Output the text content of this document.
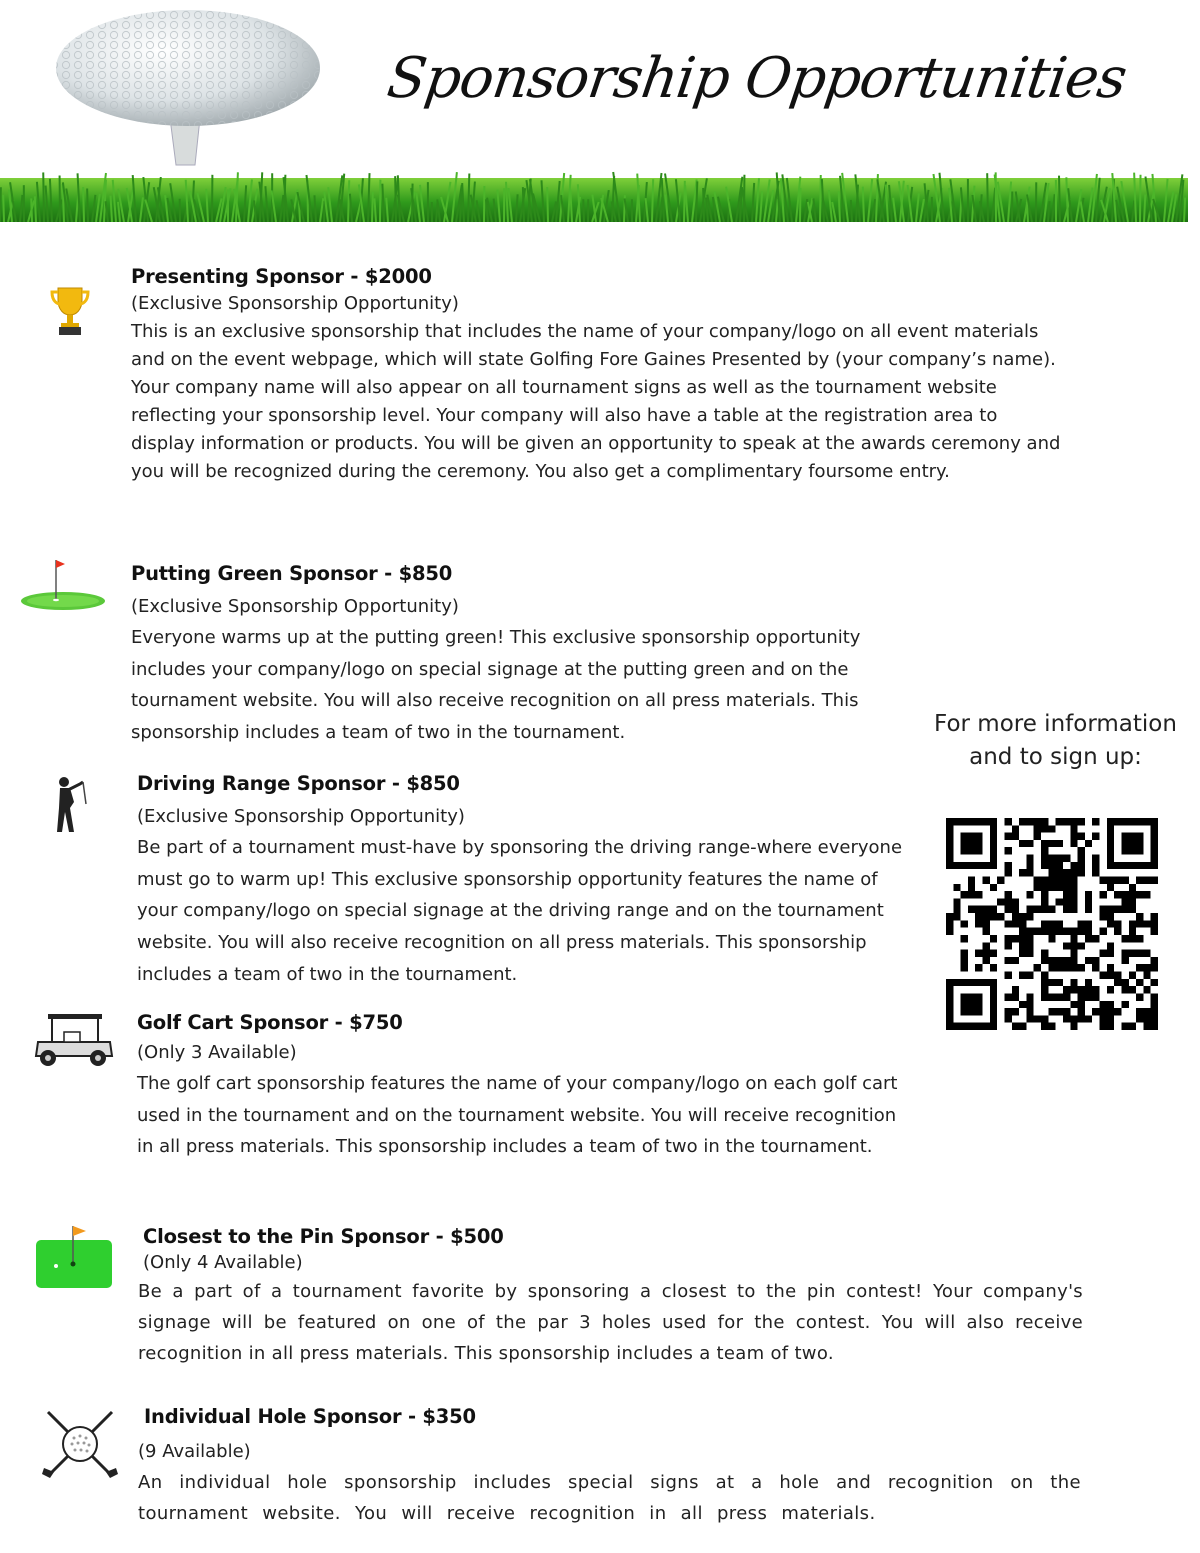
Sponsorship Opportunities
Presenting Sponsor - $2000
(Exclusive Sponsorship Opportunity)

This is an exclusive sponsorship that includes the name of your company/logo on all event materials and on the event webpage, which will state Golfing Fore Gaines Presented by (your company’s name). Your company name will also appear on all tournament signs as well as the tournament website reflecting your sponsorship level. Your company will also have a table at the registration area to display information or products. You will be given an opportunity to speak at the awards ceremony and you will be recognized during the ceremony. You also get a complimentary foursome entry.

Putting Green Sponsor - $850
(Exclusive Sponsorship Opportunity)

Everyone warms up at the putting green! This exclusive sponsorship opportunity includes your company/logo on special signage at the putting green and on the tournament website. You will also receive recognition on all press materials. This sponsorship includes a team of two in the tournament.

Driving Range Sponsor - $850
(Exclusive Sponsorship Opportunity)

Be part of a tournament must-have by sponsoring the driving range-where everyone must go to warm up! This exclusive sponsorship opportunity features the name of your company/logo on special signage at the driving range and on the tournament website. You will also receive recognition on all press materials. This sponsorship includes a team of two in the tournament.

Golf Cart Sponsor - $750
(Only 3 Available)

The golf cart sponsorship features the name of your company/logo on each golf cart used in the tournament and on the tournament website. You will receive recognition in all press materials. This sponsorship includes a team of two in the tournament.

Closest to the Pin Sponsor - $500
(Only 4 Available)

Be a part of a tournament favorite by sponsoring a closest to the pin contest! Your company's signage will be featured on one of the par 3 holes used for the contest. You will also receive recognition in all press materials. This sponsorship includes a team of two.

Individual Hole Sponsor - $350
(9 Available)

An individual hole sponsorship includes special signs at a hole and recognition on the tournament website. You will receive recognition in all press materials.

For more information and to sign up:
